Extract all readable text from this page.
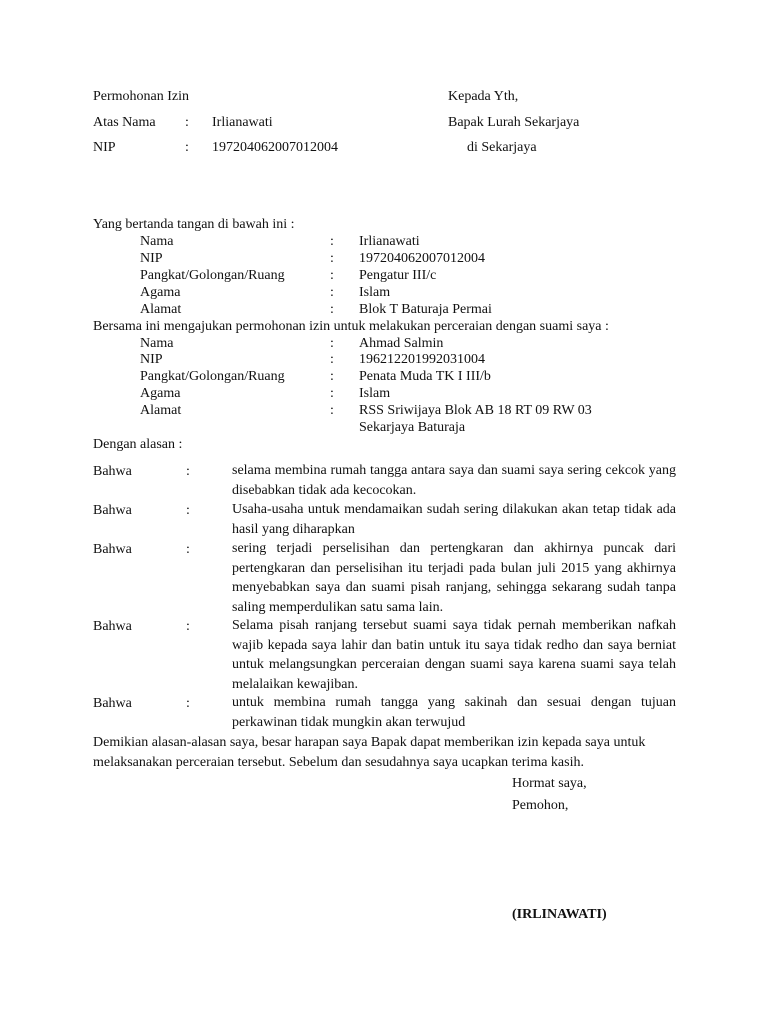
Permohonan Izin
Atas Nama : Irlianawati
NIP	: 197204062007012004
Kepada Yth,
Bapak Lurah Sekarjaya
di Sekarjaya
Yang bertanda tangan di bawah ini :
Nama	: Irlianawati
NIP	: 197204062007012004
Pangkat/Golongan/Ruang	: Pengatur III/c
Agama	: Islam
Alamat	: Blok T Baturaja Permai
Bersama ini mengajukan permohonan izin untuk melakukan perceraian dengan suami saya :
Nama	: Ahmad Salmin
NIP	: 196212201992031004
Pangkat/Golongan/Ruang	: Penata Muda TK I III/b
Agama	: Islam
Alamat	: RSS Sriwijaya Blok AB 18 RT 09 RW 03
Sekarjaya Baturaja
Dengan alasan :
Bahwa	:	selama membina rumah tangga antara saya dan suami saya sering cekcok yang disebabkan tidak ada kecocokan.
Bahwa	:	Usaha-usaha untuk mendamaikan sudah sering dilakukan akan tetap tidak ada hasil yang diharapkan
Bahwa	:	sering terjadi perselisihan dan pertengkaran dan akhirnya puncak dari pertengkaran dan perselisihan itu terjadi pada bulan juli 2015 yang akhirnya menyebabkan saya dan suami pisah ranjang, sehingga sekarang sudah tanpa saling memperdulikan satu sama lain.
Bahwa	:	Selama pisah ranjang tersebut suami saya tidak pernah memberikan nafkah wajib kepada saya lahir dan batin untuk itu saya tidak redho dan saya berniat untuk melangsungkan perceraian dengan suami saya karena suami saya telah melalaikan kewajiban.
Bahwa	:	untuk membina rumah tangga yang sakinah dan sesuai dengan tujuan perkawinan tidak mungkin akan terwujud
Demikian alasan-alasan saya, besar harapan saya Bapak dapat memberikan izin kepada saya untuk melaksanakan perceraian tersebut. Sebelum dan sesudahnya saya ucapkan terima kasih.
Hormat saya,
Pemohon,
(IRLINAWATI)
